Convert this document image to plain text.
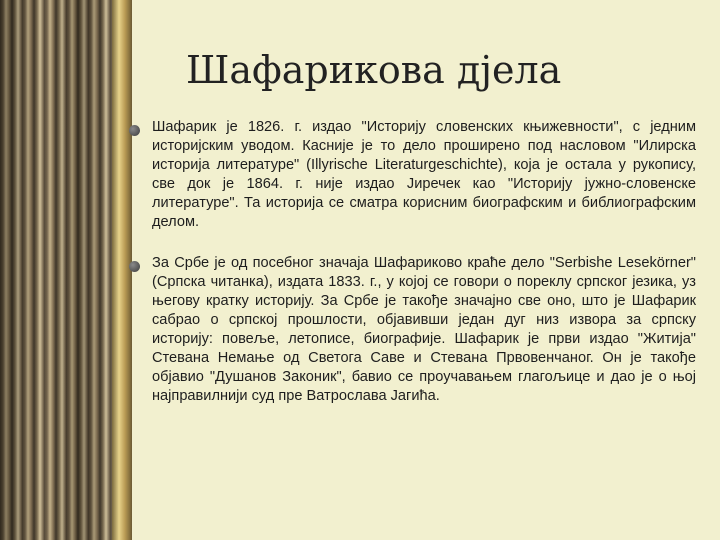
Шафарикова дјела

Шафарик је 1826. г. издао "Историју словенских књижевности", с једним историјским уводом. Касније је то дело проширено под насловом "Илирска историја литературе" (Illyrische Literaturgeschichte), која је остала у рукопису, све док је 1864. г. није издао Јиречек као "Историју јужно-словенске литературе". Та историја се сматра корисним биографским и библиографским делом.

За Србе је од посебног значаја Шафариково краће дело "Serbishe Lesekörner" (Српска читанка), издата 1833. г., у којој се говори о пореклу српског језика, уз његову кратку историју. За Србе је такође значајно све оно, што је Шафарик сабрао о српској прошлости, објавивши један дуг низ извора за српску историју: повеље, летописе, биографије. Шафарик је први издао "Житија" Стевана Немање од Светога Саве и Стевана Првовенчаног. Он је такође објавио "Душанов Законик", бавио се проучавањем глагољице и дао је о њој најправилнији суд пре Ватрослава Јагића.
